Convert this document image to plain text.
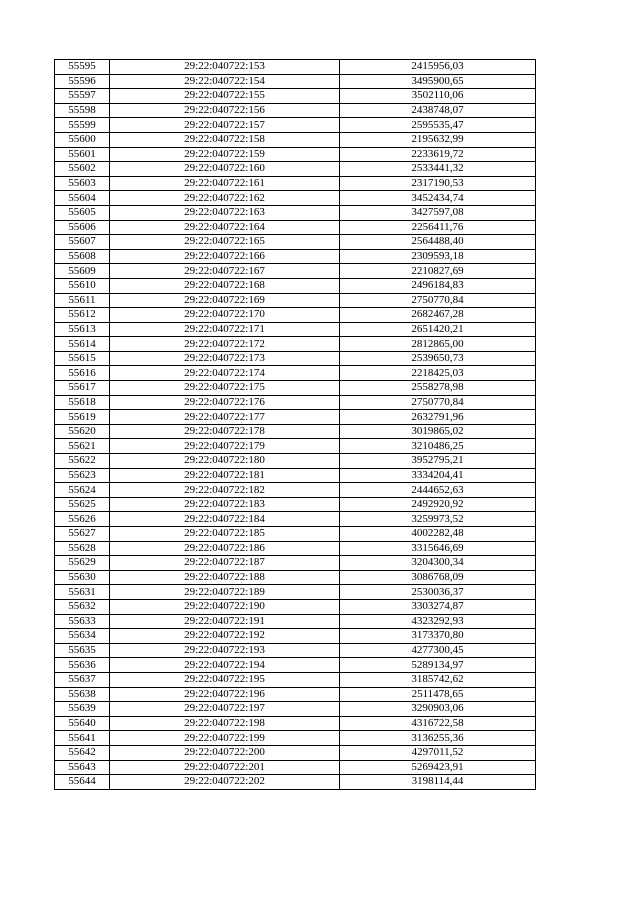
55595	29:22:040722:153	2415956,03
55596	29:22:040722:154	3495900,65
55597	29:22:040722:155	3502110,06
55598	29:22:040722:156	2438748,07
55599	29:22:040722:157	2595535,47
55600	29:22:040722:158	2195632,99
55601	29:22:040722:159	2233619,72
55602	29:22:040722:160	2533441,32
55603	29:22:040722:161	2317190,53
55604	29:22:040722:162	3452434,74
55605	29:22:040722:163	3427597,08
55606	29:22:040722:164	2256411,76
55607	29:22:040722:165	2564488,40
55608	29:22:040722:166	2309593,18
55609	29:22:040722:167	2210827,69
55610	29:22:040722:168	2496184,83
55611	29:22:040722:169	2750770,84
55612	29:22:040722:170	2682467,28
55613	29:22:040722:171	2651420,21
55614	29:22:040722:172	2812865,00
55615	29:22:040722:173	2539650,73
55616	29:22:040722:174	2218425,03
55617	29:22:040722:175	2558278,98
55618	29:22:040722:176	2750770,84
55619	29:22:040722:177	2632791,96
55620	29:22:040722:178	3019865,02
55621	29:22:040722:179	3210486,25
55622	29:22:040722:180	3952795,21
55623	29:22:040722:181	3334204,41
55624	29:22:040722:182	2444652,63
55625	29:22:040722:183	2492920,92
55626	29:22:040722:184	3259973,52
55627	29:22:040722:185	4002282,48
55628	29:22:040722:186	3315646,69
55629	29:22:040722:187	3204300,34
55630	29:22:040722:188	3086768,09
55631	29:22:040722:189	2530036,37
55632	29:22:040722:190	3303274,87
55633	29:22:040722:191	4323292,93
55634	29:22:040722:192	3173370,80
55635	29:22:040722:193	4277300,45
55636	29:22:040722:194	5289134,97
55637	29:22:040722:195	3185742,62
55638	29:22:040722:196	2511478,65
55639	29:22:040722:197	3290903,06
55640	29:22:040722:198	4316722,58
55641	29:22:040722:199	3136255,36
55642	29:22:040722:200	4297011,52
55643	29:22:040722:201	5269423,91
55644	29:22:040722:202	3198114,44
